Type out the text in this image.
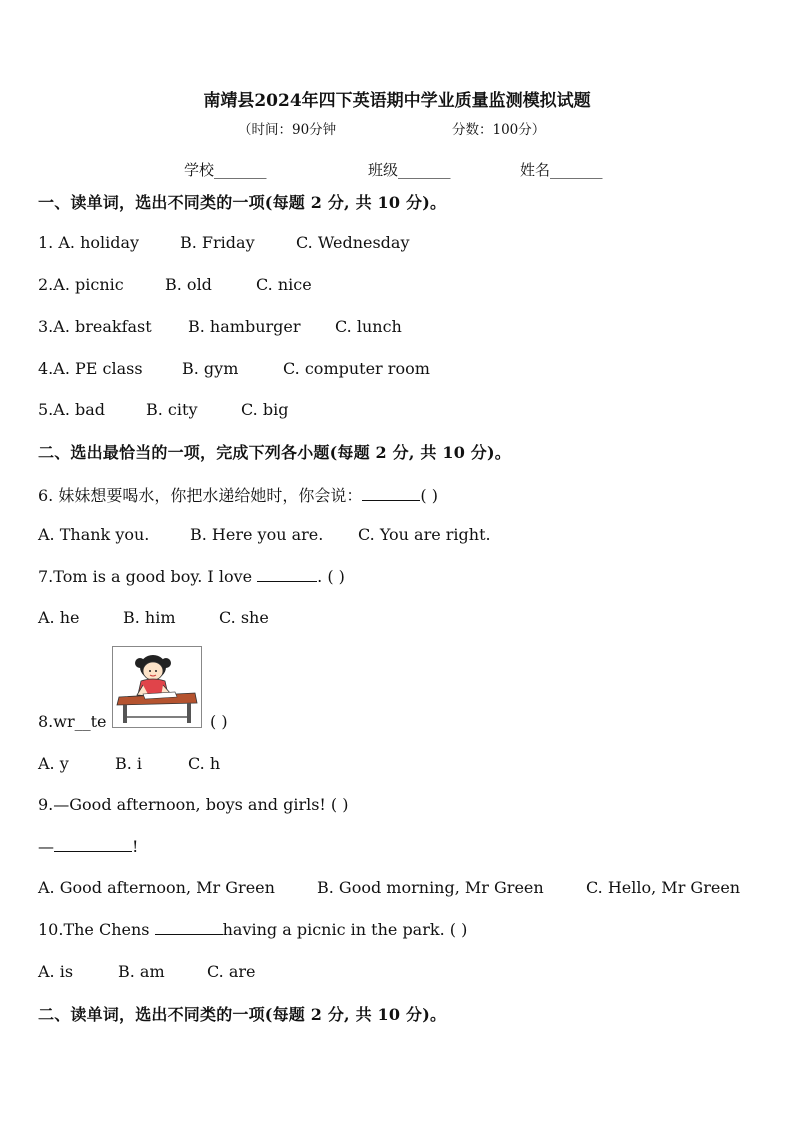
南靖县2024年四下英语期中学业质量监测模拟试题
（时间：90分钟	分数：100分）
学校_______	班级_______	姓名_______
一、读单词，选出不同类的一项(每题 2 分, 共 10 分)。
1. A. holiday	B. Friday	C. Wednesday
2.A. picnic	B. old	C. nice
3.A. breakfast B. hamburger C. lunch
4.A. PE class B. gym	C. computer room
5.A. bad	B. city	C. big
二、选出最恰当的一项，完成下列各小题(每题 2 分, 共 10 分)。
6. 妹妹想要喝水，你把水递给她时，你会说：	( )
A. Thank you.	B. Here you are. C. You are right.
7.Tom is a good boy. I love	. ( )
A. he	B. him	C. she
8.wr__te	( )
A. y	B. i	C. h
9.—Good afternoon, boys and girls! ( )
—	!
A. Good afternoon, Mr Green	B. Good morning, Mr Green	C. Hello, Mr Green
10.The Chens	having a picnic in the park. ( )
A. is	B. am	C. are
二、读单词，选出不同类的一项(每题 2 分, 共 10 分)。
